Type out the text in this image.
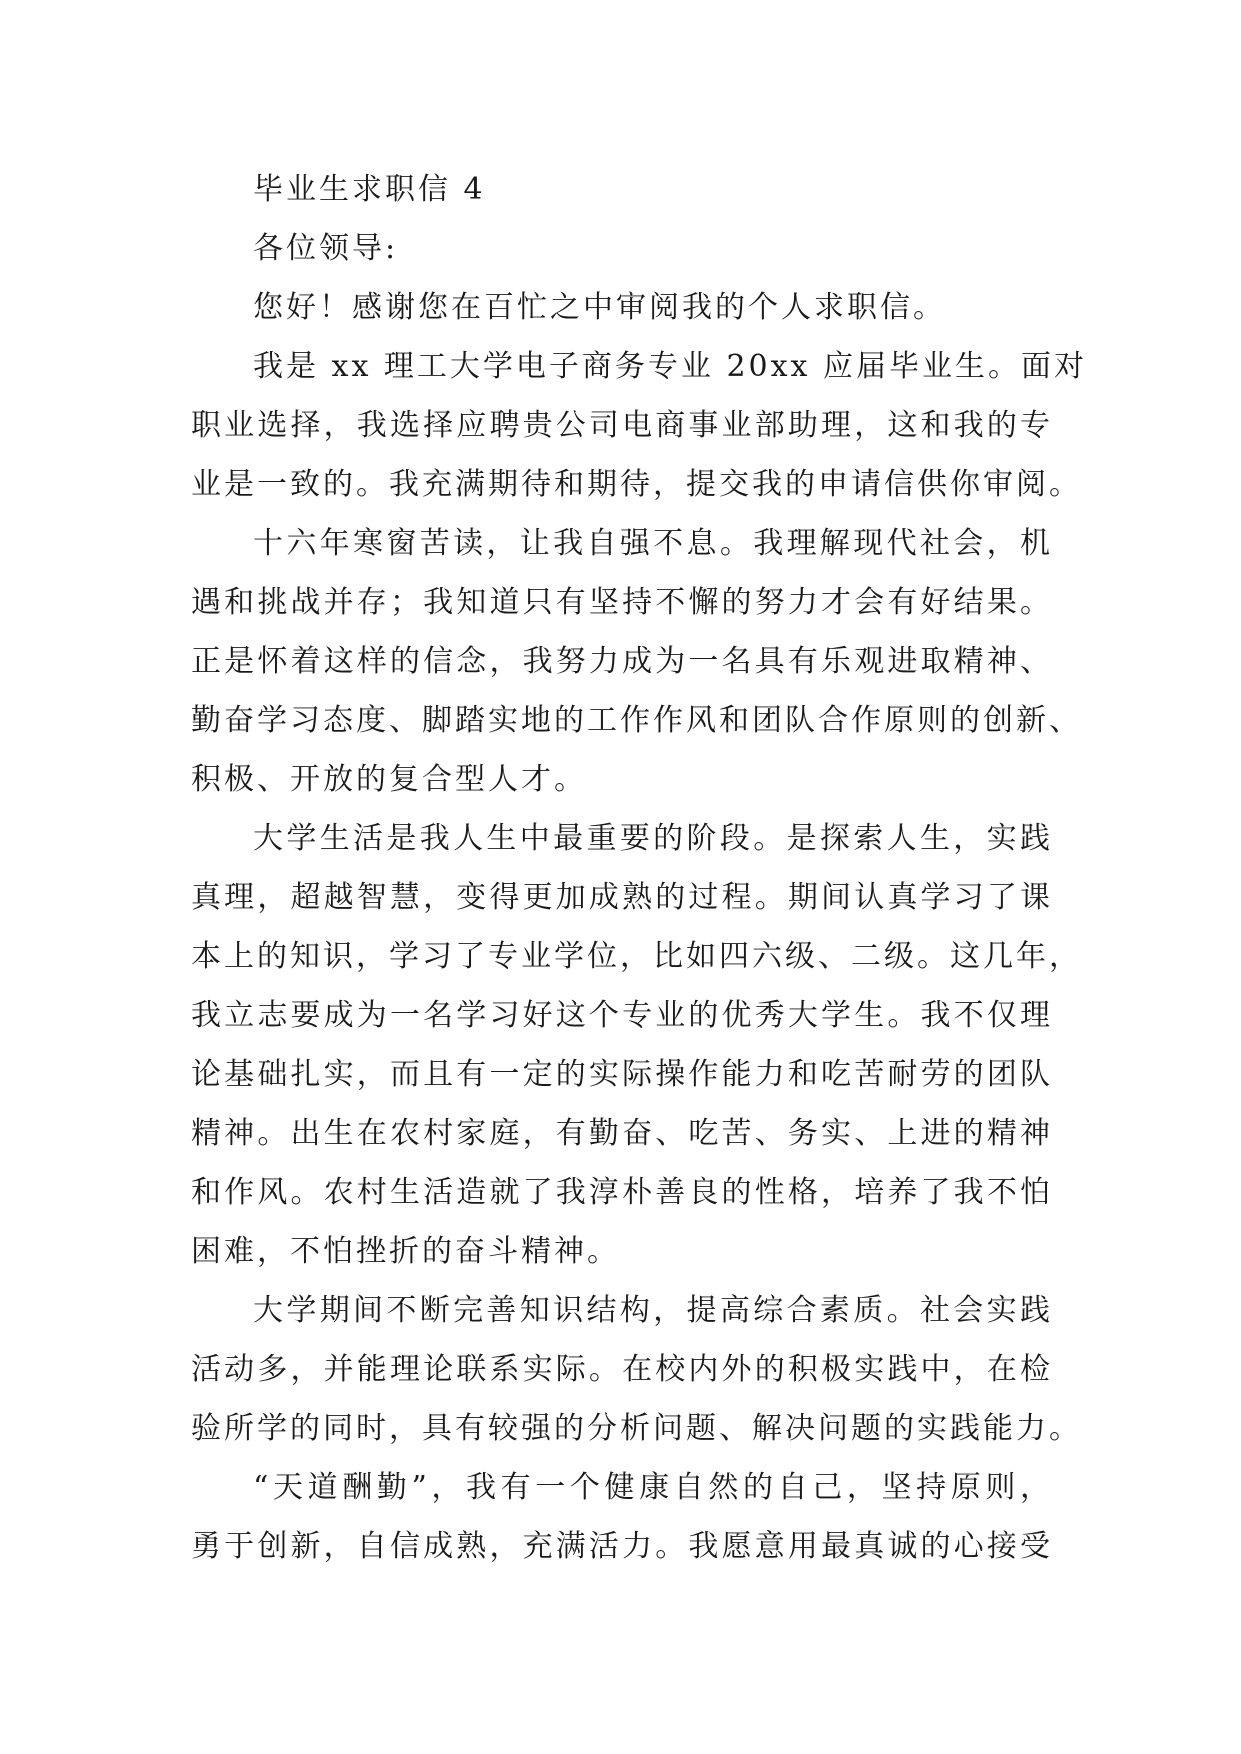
毕业生求职信 4
各位领导:
您好！感谢您在百忙之中审阅我的个人求职信。
我是 xx 理工大学电子商务专业 20xx 应届毕业生。面对
职业选择，我选择应聘贵公司电商事业部助理，这和我的专
业是一致的。我充满期待和期待，提交我的申请信供你审阅。
十六年寒窗苦读，让我自强不息。我理解现代社会，机
遇和挑战并存；我知道只有坚持不懈的努力才会有好结果。
正是怀着这样的信念，我努力成为一名具有乐观进取精神、
勤奋学习态度、脚踏实地的工作作风和团队合作原则的创新、
积极、开放的复合型人才。
大学生活是我人生中最重要的阶段。是探索人生，实践
真理，超越智慧，变得更加成熟的过程。期间认真学习了课
本上的知识，学习了专业学位，比如四六级、二级。这几年，
我立志要成为一名学习好这个专业的优秀大学生。我不仅理
论基础扎实，而且有一定的实际操作能力和吃苦耐劳的团队
精神。出生在农村家庭，有勤奋、吃苦、务实、上进的精神
和作风。农村生活造就了我淳朴善良的性格，培养了我不怕
困难，不怕挫折的奋斗精神。
大学期间不断完善知识结构，提高综合素质。社会实践
活动多，并能理论联系实际。在校内外的积极实践中，在检
验所学的同时，具有较强的分析问题、解决问题的实践能力。
“天道酬勤”，我有一个健康自然的自己，坚持原则，
勇于创新，自信成熟，充满活力。我愿意用最真诚的心接受
